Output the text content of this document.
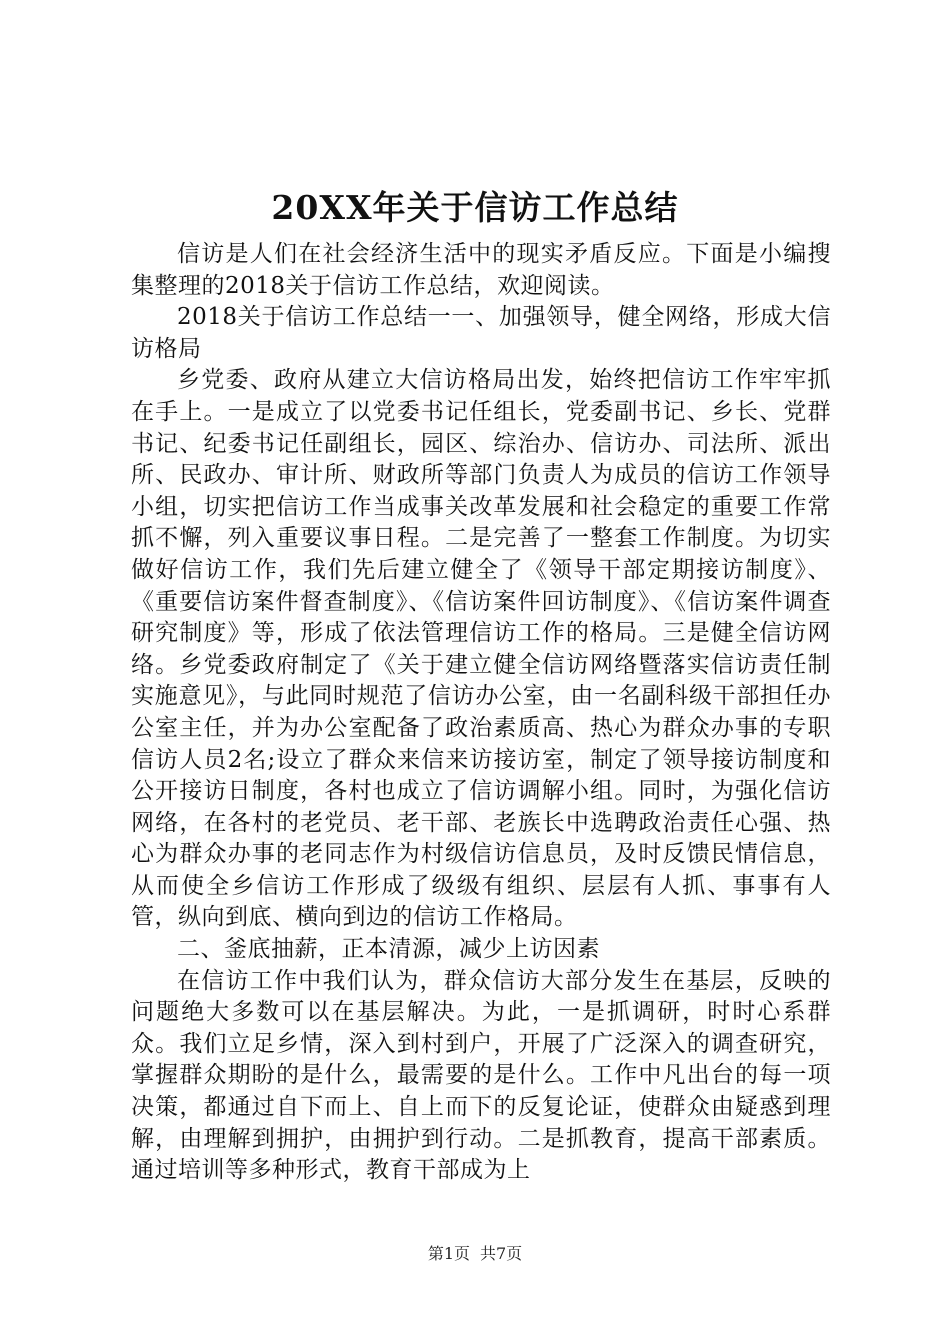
20XX年关于信访工作总结

信访是人们在社会经济生活中的现实矛盾反应。下面是小编搜集整理的2018关于信访工作总结，欢迎阅读。

2018关于信访工作总结一一、加强领导，健全网络，形成大信访格局

乡党委、政府从建立大信访格局出发，始终把信访工作牢牢抓在手上。一是成立了以党委书记任组长，党委副书记、乡长、党群书记、纪委书记任副组长，园区、综治办、信访办、司法所、派出所、民政办、审计所、财政所等部门负责人为成员的信访工作领导小组，切实把信访工作当成事关改革发展和社会稳定的重要工作常抓不懈，列入重要议事日程。二是完善了一整套工作制度。为切实做好信访工作，我们先后建立健全了《领导干部定期接访制度》、《重要信访案件督查制度》、《信访案件回访制度》、《信访案件调查研究制度》等，形成了依法管理信访工作的格局。三是健全信访网络。乡党委政府制定了《关于建立健全信访网络暨落实信访责任制实施意见》，与此同时规范了信访办公室，由一名副科级干部担任办公室主任，并为办公室配备了政治素质高、热心为群众办事的专职信访人员2名;设立了群众来信来访接访室，制定了领导接访制度和公开接访日制度，各村也成立了信访调解小组。同时，为强化信访网络，在各村的老党员、老干部、老族长中选聘政治责任心强、热心为群众办事的老同志作为村级信访信息员，及时反馈民情信息，从而使全乡信访工作形成了级级有组织、层层有人抓、事事有人管，纵向到底、横向到边的信访工作格局。

二、釜底抽薪，正本清源，减少上访因素

在信访工作中我们认为，群众信访大部分发生在基层，反映的问题绝大多数可以在基层解决。为此，一是抓调研，时时心系群众。我们立足乡情，深入到村到户，开展了广泛深入的调查研究，掌握群众期盼的是什么，最需要的是什么。工作中凡出台的每一项决策，都通过自下而上、自上而下的反复论证，使群众由疑惑到理解，由理解到拥护，由拥护到行动。二是抓教育，提高干部素质。通过培训等多种形式，教育干部成为上

第1页 共7页
